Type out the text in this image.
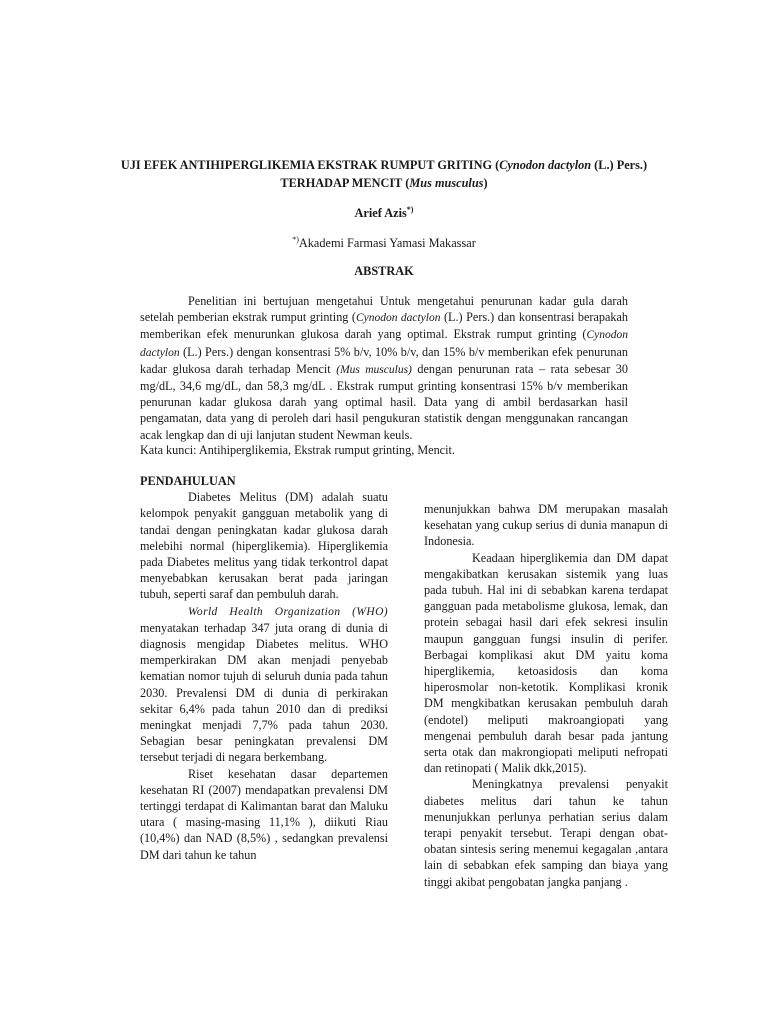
UJI EFEK ANTIHIPERGLIKEMIA EKSTRAK RUMPUT GRITING (Cynodon dactylon (L.) Pers.) TERHADAP MENCIT (Mus musculus)
Arief Azis*)
*)Akademi Farmasi Yamasi Makassar
ABSTRAK

Penelitian ini bertujuan mengetahui Untuk mengetahui penurunan kadar gula darah setelah pemberian ekstrak rumput grinting (Cynodon dactylon (L.) Pers.) dan konsentrasi berapakah memberikan efek menurunkan glukosa darah yang optimal. Ekstrak rumput grinting (Cynodon dactylon (L.) Pers.) dengan konsentrasi 5% b/v, 10% b/v, dan 15% b/v memberikan efek penurunan kadar glukosa darah terhadap Mencit (Mus musculus) dengan penurunan rata – rata sebesar 30 mg/dL, 34,6 mg/dL, dan 58,3 mg/dL . Ekstrak rumput grinting konsentrasi 15% b/v memberikan penurunan kadar glukosa darah yang optimal hasil. Data yang di ambil berdasarkan hasil pengamatan, data yang di peroleh dari hasil pengukuran statistik dengan menggunakan rancangan acak lengkap dan di uji lanjutan student Newman keuls.

Kata kunci: Antihiperglikemia, Ekstrak rumput grinting, Mencit.

PENDAHULUAN

Diabetes Melitus (DM) adalah suatu kelompok penyakit gangguan metabolik yang di tandai dengan peningkatan kadar glukosa darah melebihi normal (hiperglikemia). Hiperglikemia pada Diabetes melitus yang tidak terkontrol dapat menyebabkan kerusakan berat pada jaringan tubuh, seperti saraf dan pembuluh darah.

World Health Organization (WHO) menyatakan terhadap 347 juta orang di dunia di diagnosis mengidap Diabetes melitus. WHO memperkirakan DM akan menjadi penyebab kematian nomor tujuh di seluruh dunia pada tahun 2030. Prevalensi DM di dunia di perkirakan sekitar 6,4% pada tahun 2010 dan di prediksi meningkat menjadi 7,7% pada tahun 2030. Sebagian besar peningkatan prevalensi DM tersebut terjadi di negara berkembang.

Riset kesehatan dasar departemen kesehatan RI (2007) mendapatkan prevalensi DM tertinggi terdapat di Kalimantan barat dan Maluku utara ( masing-masing 11,1% ), diikuti Riau (10,4%) dan NAD (8,5%) , sedangkan prevalensi DM dari tahun ke tahun

menunjukkan bahwa DM merupakan masalah kesehatan yang cukup serius di dunia manapun di Indonesia.

Keadaan hiperglikemia dan DM dapat mengakibatkan kerusakan sistemik yang luas pada tubuh. Hal ini di sebabkan karena terdapat gangguan pada metabolisme glukosa, lemak, dan protein sebagai hasil dari efek sekresi insulin maupun gangguan fungsi insulin di perifer. Berbagai komplikasi akut DM yaitu koma hiperglikemia, ketoasidosis dan koma hiperosmolar non-ketotik. Komplikasi kronik DM mengkibatkan kerusakan pembuluh darah (endotel) meliputi makroangiopati yang mengenai pembuluh darah besar pada jantung serta otak dan makrongiopati meliputi nefropati dan retinopati ( Malik dkk,2015).

Meningkatnya prevalensi penyakit diabetes melitus dari tahun ke tahun menunjukkan perlunya perhatian serius dalam terapi penyakit tersebut. Terapi dengan obat-obatan sintesis sering menemui kegagalan ,antara lain di sebabkan efek samping dan biaya yang tinggi akibat pengobatan jangka panjang .
